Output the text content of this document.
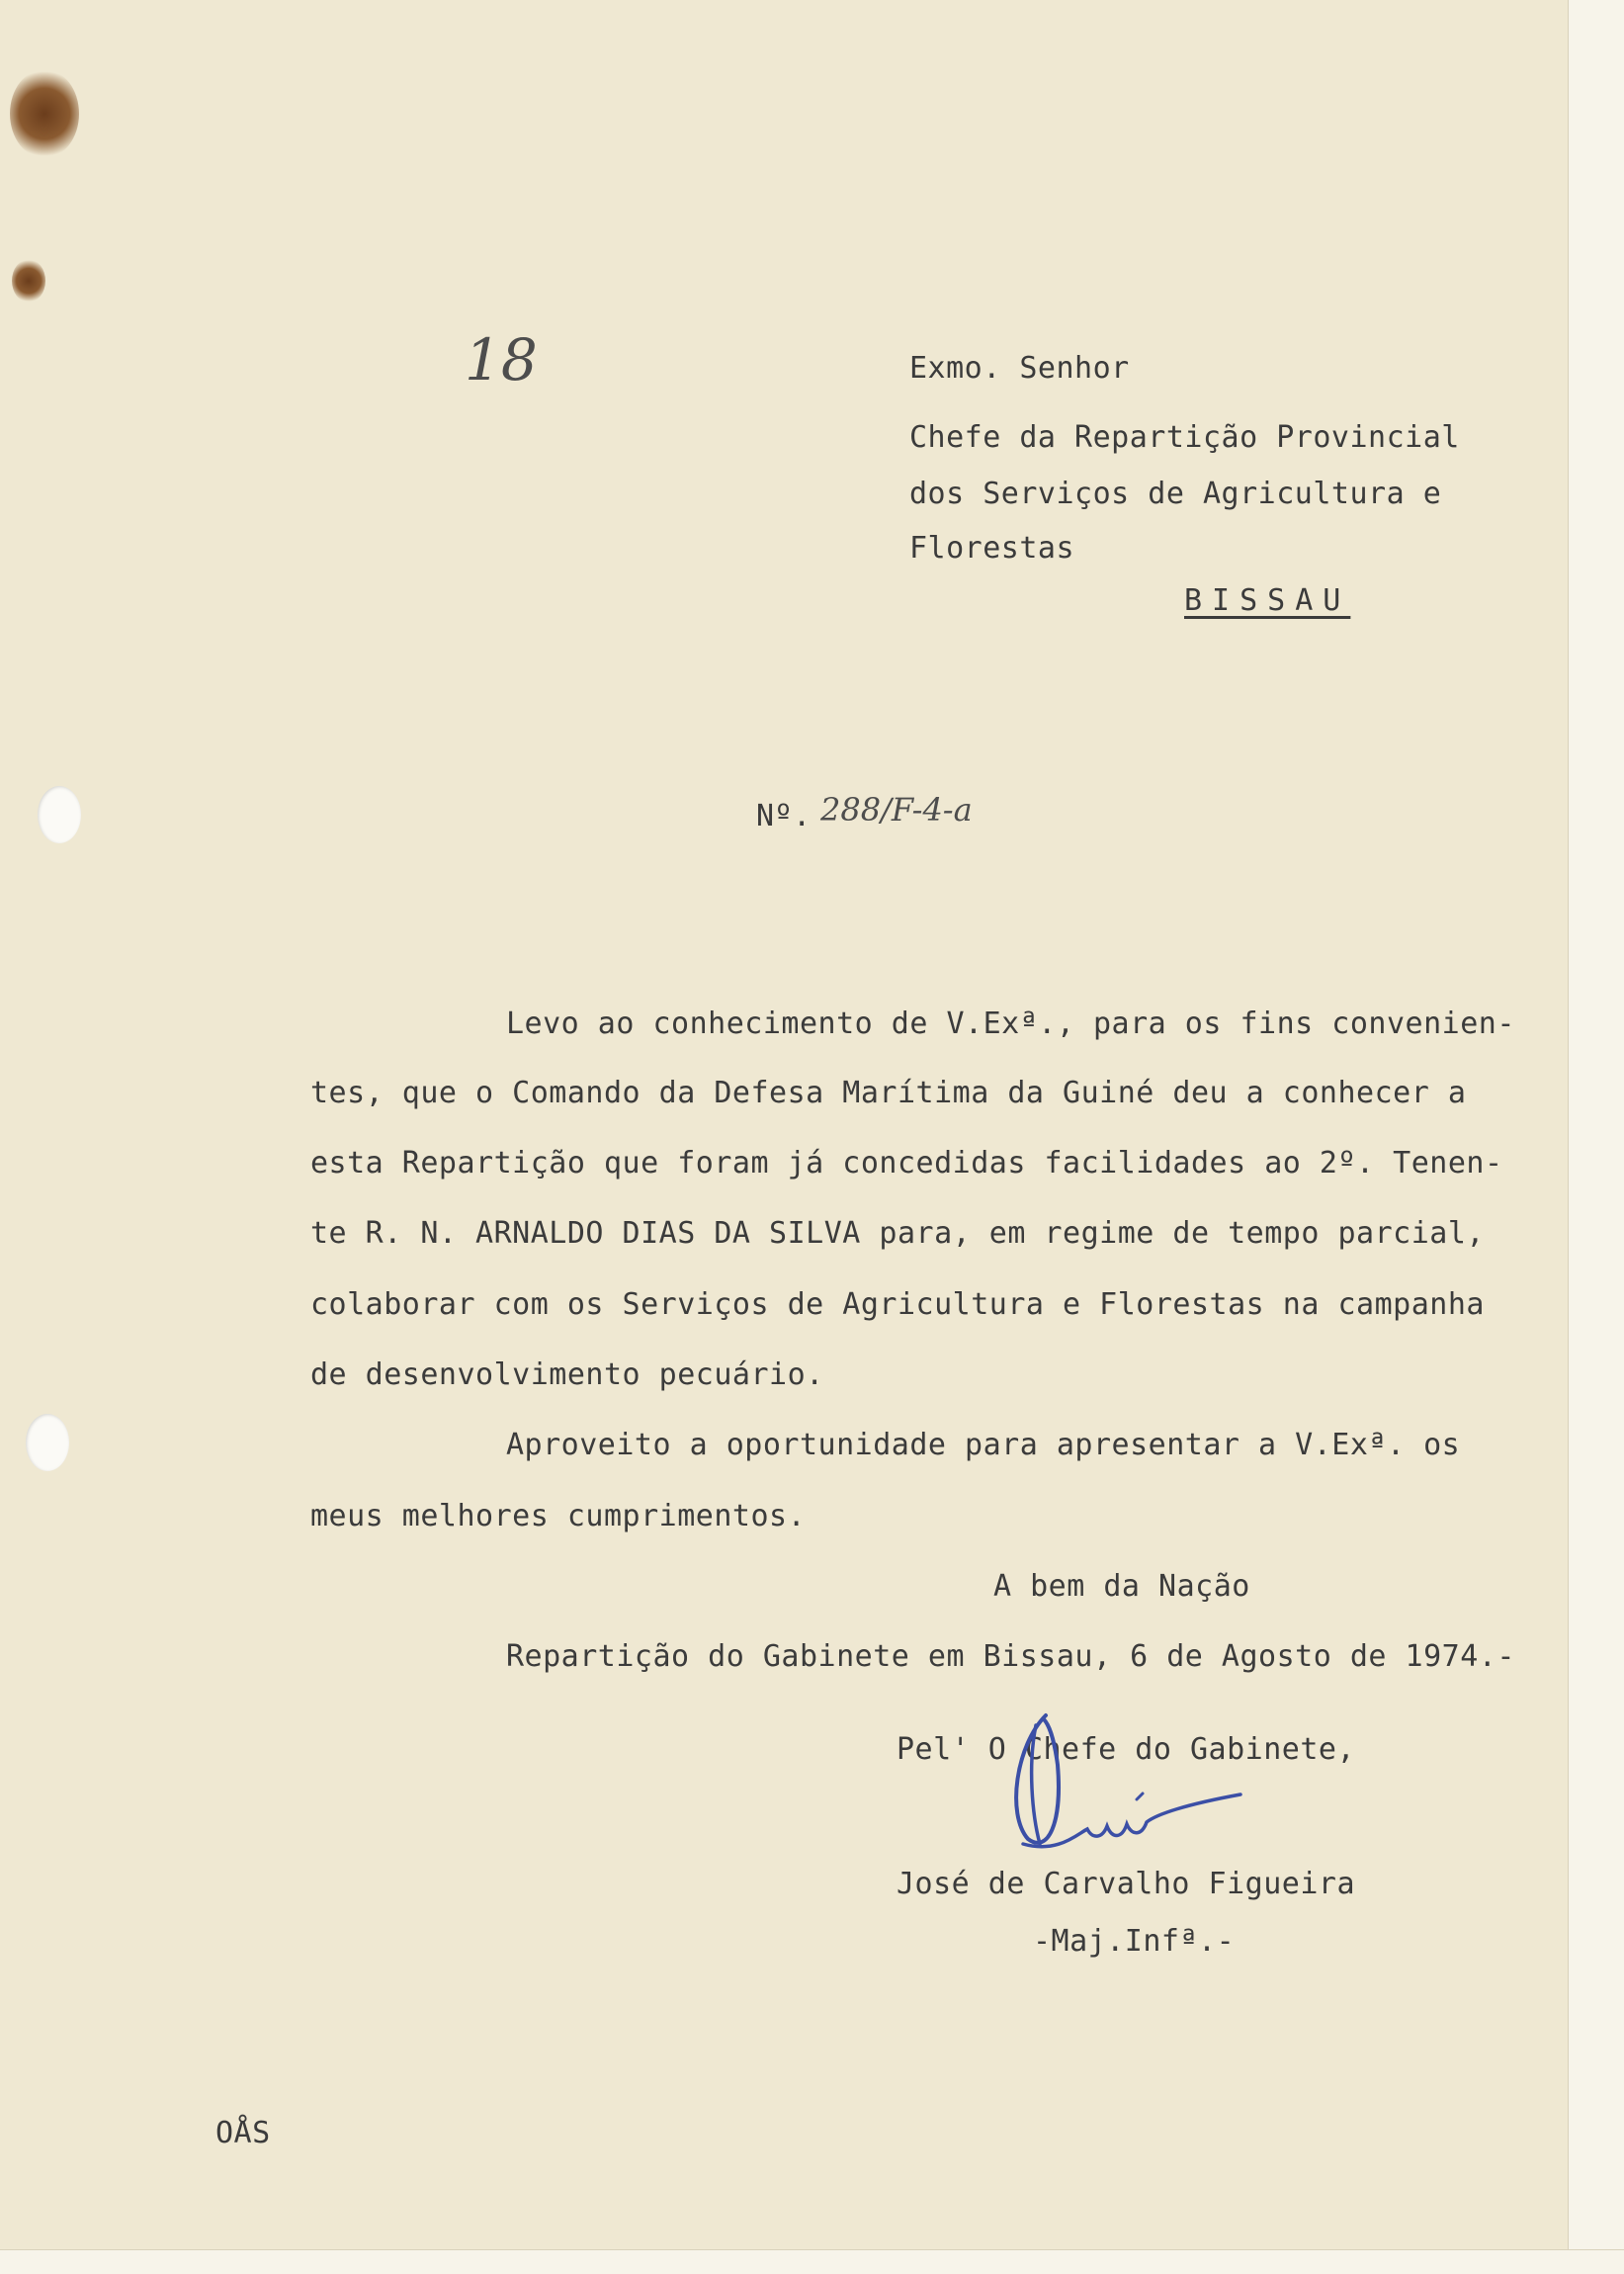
18	Exmo. Senhor
Chefe da Repartição Provincial
dos Serviços de Agricultura e
Florestas
BISSAU
Nº. 288/F-4-a
Levo ao conhecimento de V.Exª., para os fins convenien-
tes, que o Comando da Defesa Marítima da Guiné deu a conhecer a
esta Repartição que foram já concedidas facilidades ao 2º. Tenen-
te R. N. ARNALDO DIAS DA SILVA para, em regime de tempo parcial,
colaborar com os Serviços de Agricultura e Florestas na campanha
de desenvolvimento pecuário.
Aproveito a oportunidade para apresentar a V.Exª. os
meus melhores cumprimentos.
A bem da Nação
Repartição do Gabinete em Bissau, 6 de Agosto de 1974.-
Pel' O Chefe do Gabinete,
José de Carvalho Figueira
-Maj.Infª.-
OÅS
